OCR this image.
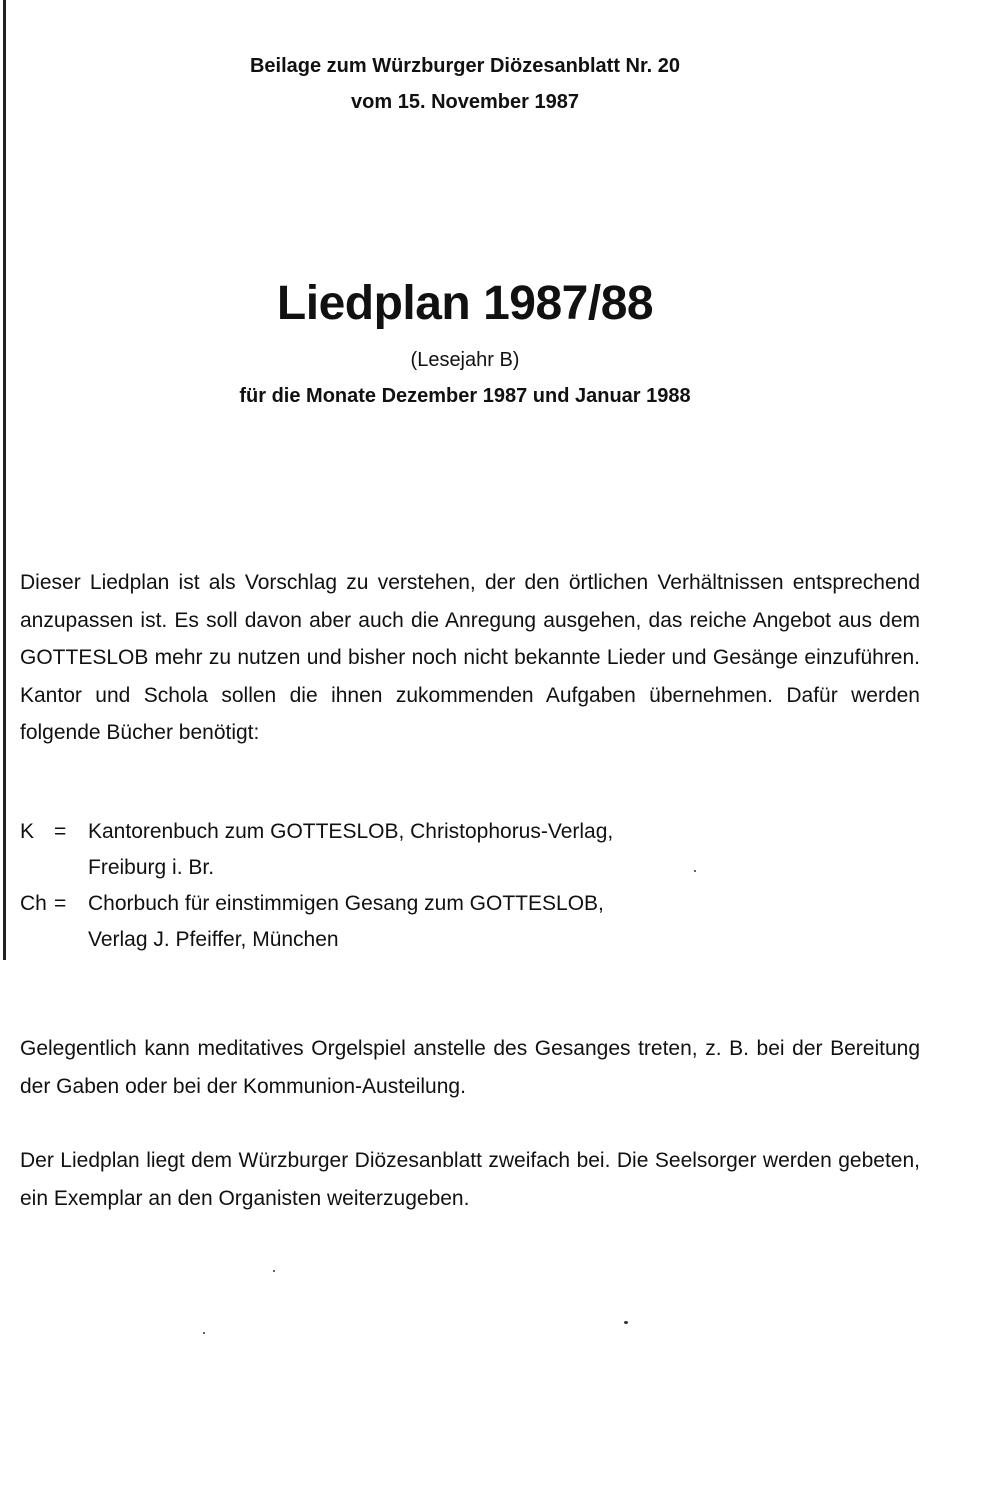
Beilage zum Würzburger Diözesanblatt Nr. 20
vom 15. November 1987
Liedplan 1987/88
(Lesejahr B)
für die Monate Dezember 1987 und Januar 1988

Dieser Liedplan ist als Vorschlag zu verstehen, der den örtlichen Verhältnissen entsprechend anzupassen ist. Es soll davon aber auch die Anregung ausgehen, das reiche Angebot aus dem GOTTESLOB mehr zu nutzen und bisher noch nicht bekannte Lieder und Gesänge einzuführen. Kantor und Schola sollen die ihnen zukommenden Aufgaben übernehmen. Dafür werden folgende Bücher benötigt:

K =	Kantorenbuch zum GOTTESLOB, Christophorus-Verlag,
Freiburg i. Br.
Ch =	Chorbuch für einstimmigen Gesang zum GOTTESLOB,
Verlag J. Pfeiffer, München

Gelegentlich kann meditatives Orgelspiel anstelle des Gesanges treten, z. B. bei der Bereitung der Gaben oder bei der Kommunion-Austeilung.

Der Liedplan liegt dem Würzburger Diözesanblatt zweifach bei. Die Seelsorger werden gebeten, ein Exemplar an den Organisten weiterzugeben.
